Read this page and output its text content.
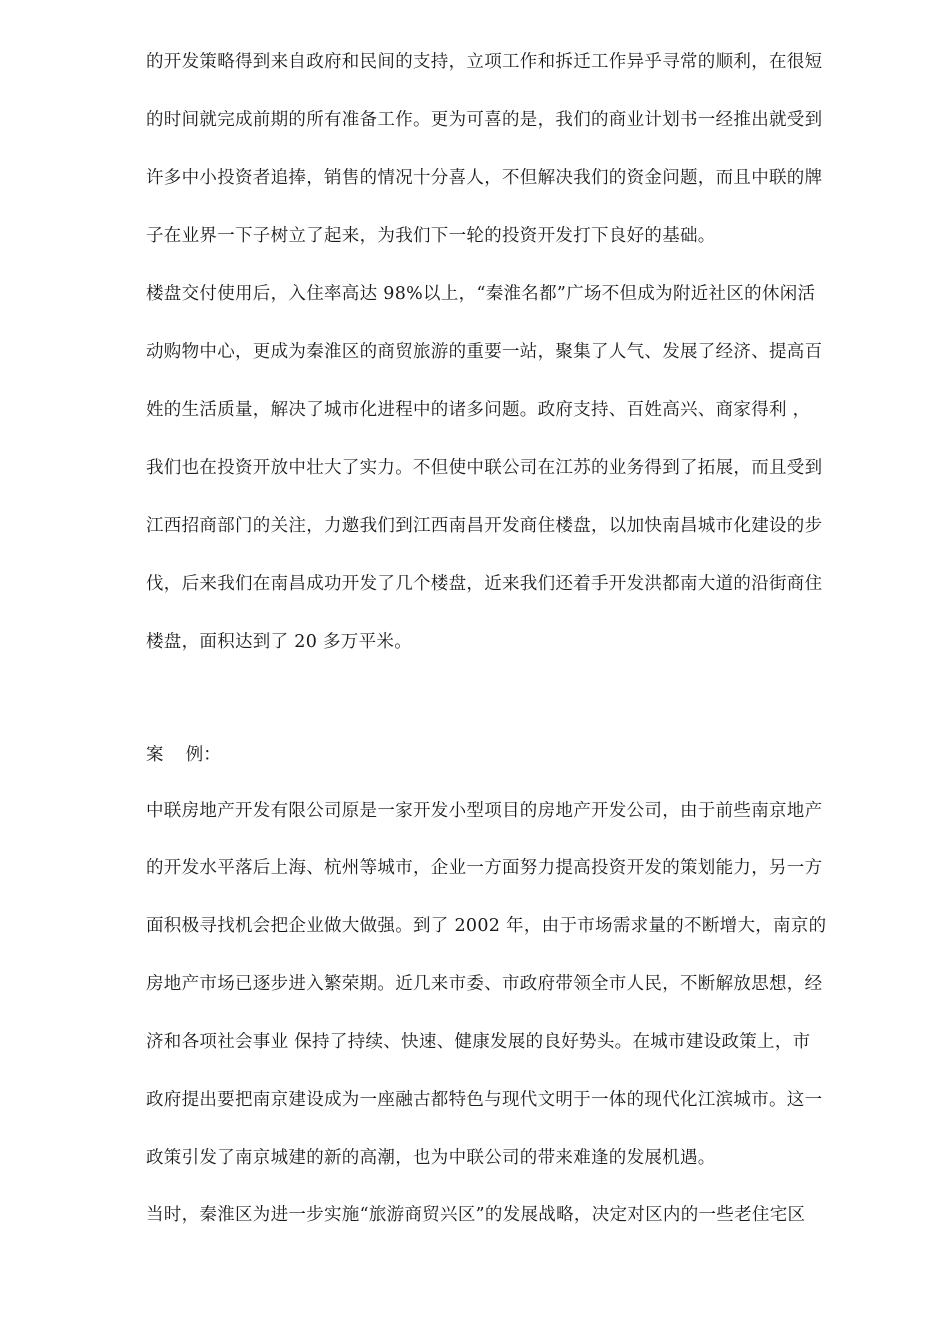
的开发策略得到来自政府和民间的支持，立项工作和拆迁工作异乎寻常的顺利，在很短
的时间就完成前期的所有准备工作。更为可喜的是，我们的商业计划书一经推出就受到
许多中小投资者追捧，销售的情况十分喜人，不但解决我们的资金问题，而且中联的牌
子在业界一下子树立了起来，为我们下一轮的投资开发打下良好的基础。
楼盘交付使用后，入住率高达 98%以上，“秦淮名都”广场不但成为附近社区的休闲活
动购物中心，更成为秦淮区的商贸旅游的重要一站，聚集了人气、发展了经济、提高百
姓的生活质量，解决了城市化进程中的诸多问题。政府支持、百姓高兴、商家得利 ，
我们也在投资开放中壮大了实力。不但使中联公司在江苏的业务得到了拓展，而且受到
江西招商部门的关注，力邀我们到江西南昌开发商住楼盘，以加快南昌城市化建设的步
伐，后来我们在南昌成功开发了几个楼盘，近来我们还着手开发洪都南大道的沿街商住
楼盘，面积达到了 20 多万平米。
案    例：
中联房地产开发有限公司原是一家开发小型项目的房地产开发公司，由于前些南京地产
的开发水平落后上海、杭州等城市，企业一方面努力提高投资开发的策划能力，另一方
面积极寻找机会把企业做大做强。到了 2002 年，由于市场需求量的不断增大，南京的
房地产市场已逐步进入繁荣期。近几来市委、市政府带领全市人民，不断解放思想，经
济和各项社会事业 保持了持续、快速、健康发展的良好势头。在城市建设政策上，市
政府提出要把南京建设成为一座融古都特色与现代文明于一体的现代化江滨城市。这一
政策引发了南京城建的新的高潮，也为中联公司的带来难逢的发展机遇。
当时，秦淮区为进一步实施“旅游商贸兴区”的发展战略，决定对区内的一些老住宅区
